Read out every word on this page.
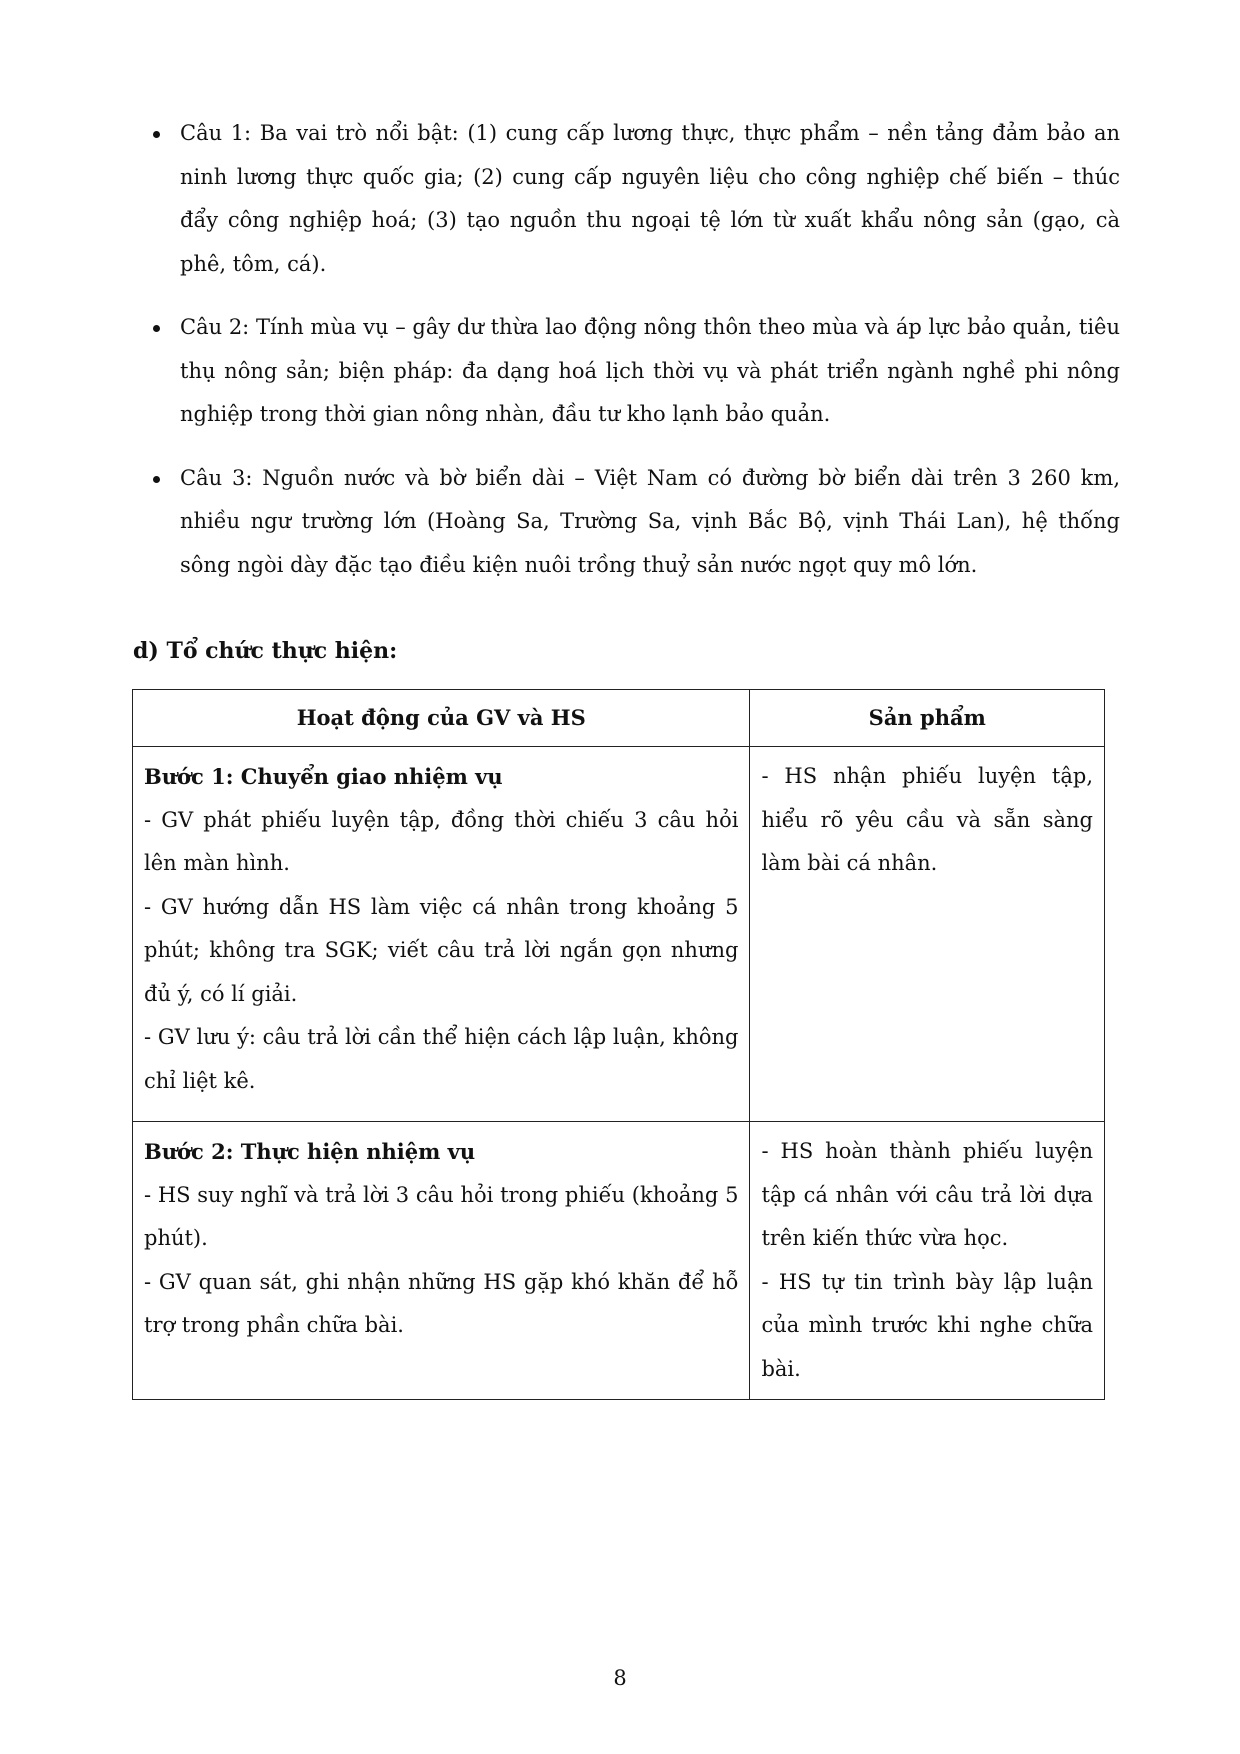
Câu 1: Ba vai trò nổi bật: (1) cung cấp lương thực, thực phẩm – nền tảng đảm bảo an ninh lương thực quốc gia; (2) cung cấp nguyên liệu cho công nghiệp chế biến – thúc đẩy công nghiệp hoá; (3) tạo nguồn thu ngoại tệ lớn từ xuất khẩu nông sản (gạo, cà phê, tôm, cá).
Câu 2: Tính mùa vụ – gây dư thừa lao động nông thôn theo mùa và áp lực bảo quản, tiêu thụ nông sản; biện pháp: đa dạng hoá lịch thời vụ và phát triển ngành nghề phi nông nghiệp trong thời gian nông nhàn, đầu tư kho lạnh bảo quản.
Câu 3: Nguồn nước và bờ biển dài – Việt Nam có đường bờ biển dài trên 3 260 km, nhiều ngư trường lớn (Hoàng Sa, Trường Sa, vịnh Bắc Bộ, vịnh Thái Lan), hệ thống sông ngòi dày đặc tạo điều kiện nuôi trồng thuỷ sản nước ngọt quy mô lớn.
d) Tổ chức thực hiện:
Hoạt động của GV và HS	Sản phẩm

Bước 1: Chuyển giao nhiệm vụ
- GV phát phiếu luyện tập, đồng thời chiếu 3 câu hỏi lên màn hình.
- GV hướng dẫn HS làm việc cá nhân trong khoảng 5 phút; không tra SGK; viết câu trả lời ngắn gọn nhưng đủ ý, có lí giải.
- GV lưu ý: câu trả lời cần thể hiện cách lập luận, không chỉ liệt kê.	- HS nhận phiếu luyện tập, hiểu rõ yêu cầu và sẵn sàng làm bài cá nhân.

Bước 2: Thực hiện nhiệm vụ
- HS suy nghĩ và trả lời 3 câu hỏi trong phiếu (khoảng 5 phút).
- GV quan sát, ghi nhận những HS gặp khó khăn để hỗ trợ trong phần chữa bài.	- HS hoàn thành phiếu luyện tập cá nhân với câu trả lời dựa trên kiến thức vừa học.
- HS tự tin trình bày lập luận của mình trước khi nghe chữa bài.
8
